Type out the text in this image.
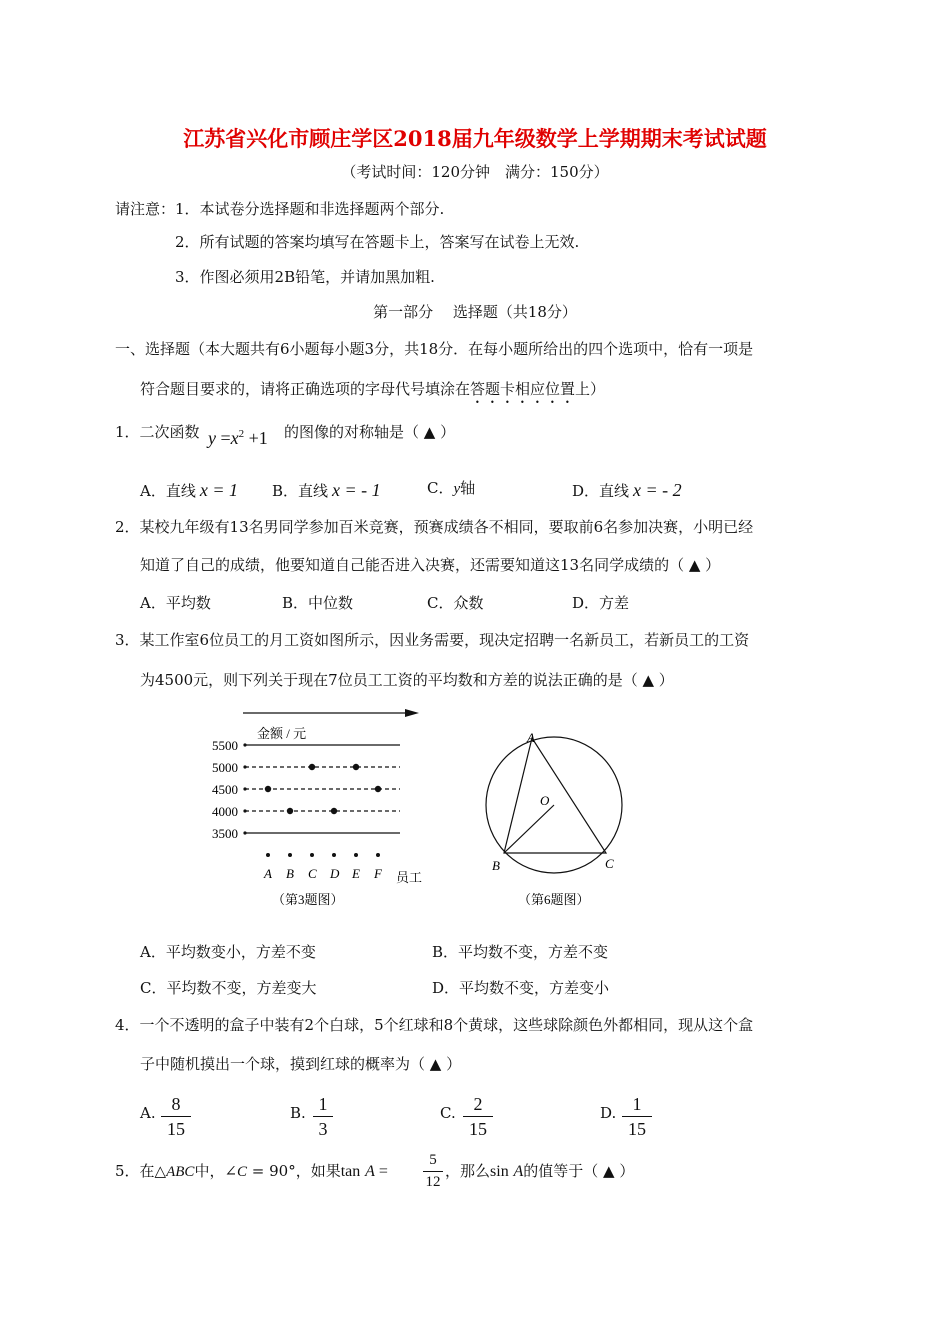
江苏省兴化市顾庄学区2018届九年级数学上学期期末考试试题
（考试时间：120分钟　满分：150分）
请注意： 1．本试卷分选择题和非选择题两个部分.
2．所有试题的答案均填写在答题卡上，答案写在试卷上无效.
3．作图必须用2B铅笔，并请加黑加粗.
第一部分　 选择题（共18分）
一、选择题（本大题共有6小题每小题3分，共18分．在每小题所给出的四个选项中，恰有一项是
符合题目要求的，请将正确选项的字母代号填涂在答题卡相应位置上）
1．二次函数 $y =x^2 +1$ 的图像的对称轴是（ ▲ ）
A．直线 x = 1 B．直线 x = - 1	C．y轴	D．直线 x = - 2
2．某校九年级有13名男同学参加百米竞赛，预赛成绩各不相同，要取前6名参加决赛，小明已经
知道了自己的成绩，他要知道自己能否进入决赛，还需要知道这13名同学成绩的（ ▲ ）
A．平均数	B．中位数	C．众数	D．方差
3．某工作室6位员工的月工资如图所示，因业务需要，现决定招聘一名新员工，若新员工的工资
为4500元，则下列关于现在7位员工工资的平均数和方差的说法正确的是（ ▲ ）
金额 / 元
5500
5000
4500
4000
3500
A B C D E F 员工
（第3题图）
A
O
B	C
（第6题图）
A．平均数变小，方差不变	B．平均数不变，方差不变
C．平均数不变，方差变大	D．平均数不变，方差变小
4．一个不透明的盒子中装有2个白球，5个红球和8个黄球，这些球除颜色外都相同，现从这个盒
子中随机摸出一个球，摸到红球的概率为（ ▲ ）
A. 8
15
B. 1
3
C. 2
15
D. 1
15
5．在△ABC中，∠C = 90°，如果tan A =
5
12
，那么sin A的值等于（ ▲ ）
